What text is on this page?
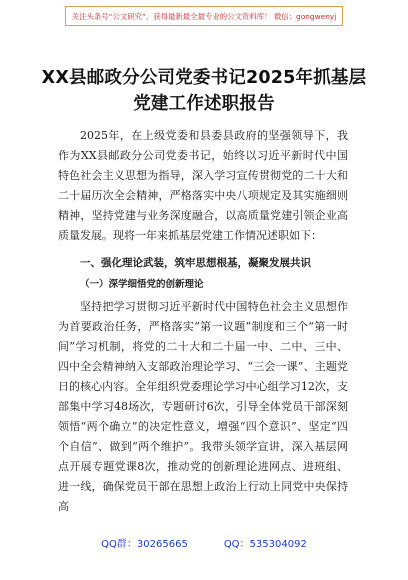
关注头条号“公文研究”，获得最新最全最专业的公文资料库！ 微信：gongwenyj
XX县邮政分公司党委书记2025年抓基层
党建工作述职报告

2025年，在上级党委和县委县政府的坚强领导下，我作为XX县邮政分公司党委书记，始终以习近平新时代中国特色社会主义思想为指导，深入学习宣传贯彻党的二十大和二十届历次全会精神，严格落实中央八项规定及其实施细则精神，坚持党建与业务深度融合，以高质量党建引领企业高质量发展。现将一年来抓基层党建工作情况述职如下：

一、强化理论武装，筑牢思想根基，凝聚发展共识
（一）深学细悟党的创新理论

坚持把学习贯彻习近平新时代中国特色社会主义思想作为首要政治任务，严格落实“第一议题”制度和三个“第一时间”学习机制，将党的二十大和二十届一中、二中、三中、四中全会精神纳入支部政治理论学习、“三会一课”、主题党日的核心内容。全年组织党委理论学习中心组学习12次，支部集中学习48场次，专题研讨6次，引导全体党员干部深刻领悟“两个确立”的决定性意义，增强“四个意识”、坚定“四个自信”、做到“两个维护”。我带头领学宣讲，深入基层网点开展专题党课8次，推动党的创新理论进网点、进班组、进一线，确保党员干部在思想上政治上行动上同党中央保持高

QQ群：30265665	QQ：535304092
